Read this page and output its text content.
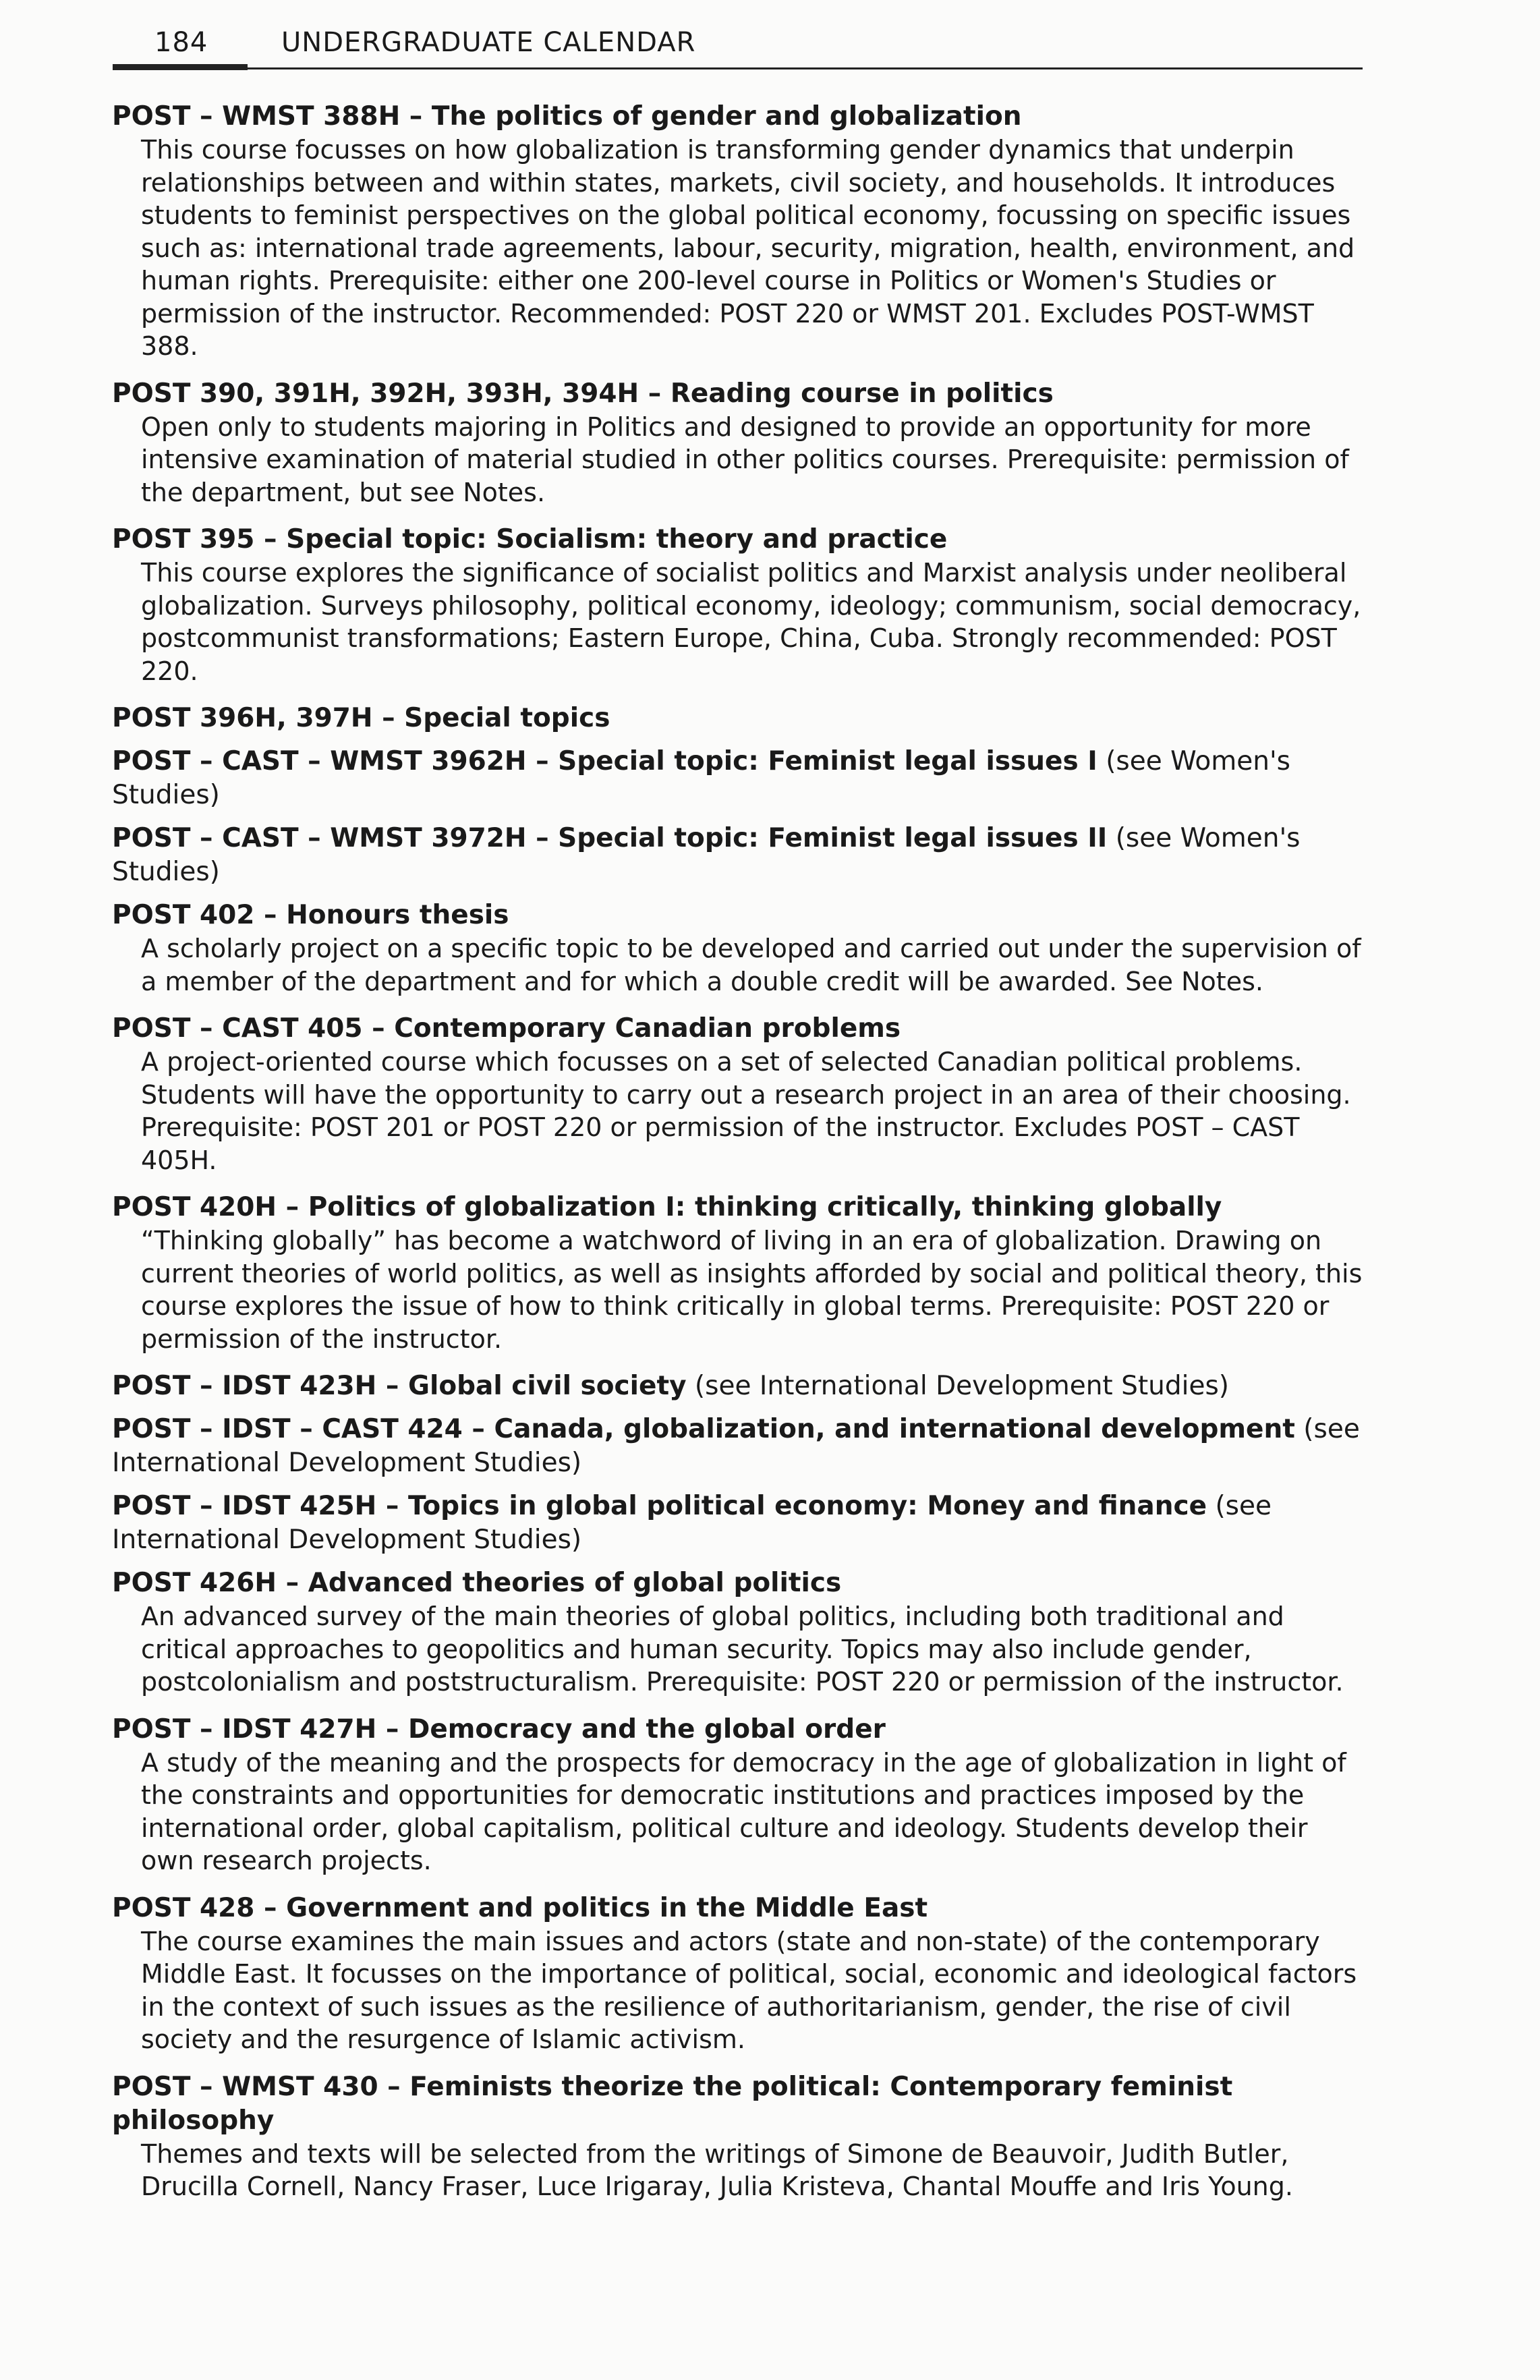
184	UNDERGRADUATE CALENDAR
POST – WMST 388H – The politics of gender and globalization
This course focusses on how globalization is transforming gender dynamics that underpin relationships between and within states, markets, civil society, and households. It introduces students to feminist perspectives on the global political economy, focussing on specific issues such as: international trade agreements, labour, security, migration, health, environment, and human rights. Prerequisite: either one 200-level course in Politics or Women's Studies or permission of the instructor. Recommended: POST 220 or WMST 201. Excludes POST-WMST 388.
POST 390, 391H, 392H, 393H, 394H – Reading course in politics
Open only to students majoring in Politics and designed to provide an opportunity for more intensive examination of material studied in other politics courses. Prerequisite: permission of the department, but see Notes.
POST 395 – Special topic: Socialism: theory and practice
This course explores the significance of socialist politics and Marxist analysis under neoliberal globalization. Surveys philosophy, political economy, ideology; communism, social democracy, postcommunist transformations; Eastern Europe, China, Cuba. Strongly recommended: POST 220.
POST 396H, 397H – Special topics
POST – CAST – WMST 3962H – Special topic: Feminist legal issues I (see Women's Studies)
POST – CAST – WMST 3972H – Special topic: Feminist legal issues II (see Women's Studies)
POST 402 – Honours thesis
A scholarly project on a specific topic to be developed and carried out under the supervision of a member of the department and for which a double credit will be awarded. See Notes.
POST – CAST 405 – Contemporary Canadian problems
A project-oriented course which focusses on a set of selected Canadian political problems. Students will have the opportunity to carry out a research project in an area of their choosing. Prerequisite: POST 201 or POST 220 or permission of the instructor. Excludes POST – CAST 405H.
POST 420H – Politics of globalization I: thinking critically, thinking globally
“Thinking globally” has become a watchword of living in an era of globalization. Drawing on current theories of world politics, as well as insights afforded by social and political theory, this course explores the issue of how to think critically in global terms. Prerequisite: POST 220 or permission of the instructor.
POST – IDST 423H – Global civil society (see International Development Studies)
POST – IDST – CAST 424 – Canada, globalization, and international development (see International Development Studies)
POST – IDST 425H – Topics in global political economy: Money and finance (see International Development Studies)
POST 426H – Advanced theories of global politics
An advanced survey of the main theories of global politics, including both traditional and critical approaches to geopolitics and human security. Topics may also include gender, postcolonialism and poststructuralism. Prerequisite: POST 220 or permission of the instructor.
POST – IDST 427H – Democracy and the global order
A study of the meaning and the prospects for democracy in the age of globalization in light of the constraints and opportunities for democratic institutions and practices imposed by the international order, global capitalism, political culture and ideology. Students develop their own research projects.
POST 428 – Government and politics in the Middle East
The course examines the main issues and actors (state and non-state) of the contemporary Middle East. It focusses on the importance of political, social, economic and ideological factors in the context of such issues as the resilience of authoritarianism, gender, the rise of civil society and the resurgence of Islamic activism.
POST – WMST 430 – Feminists theorize the political: Contemporary feminist philosophy
Themes and texts will be selected from the writings of Simone de Beauvoir, Judith Butler, Drucilla Cornell, Nancy Fraser, Luce Irigaray, Julia Kristeva, Chantal Mouffe and Iris Young.
